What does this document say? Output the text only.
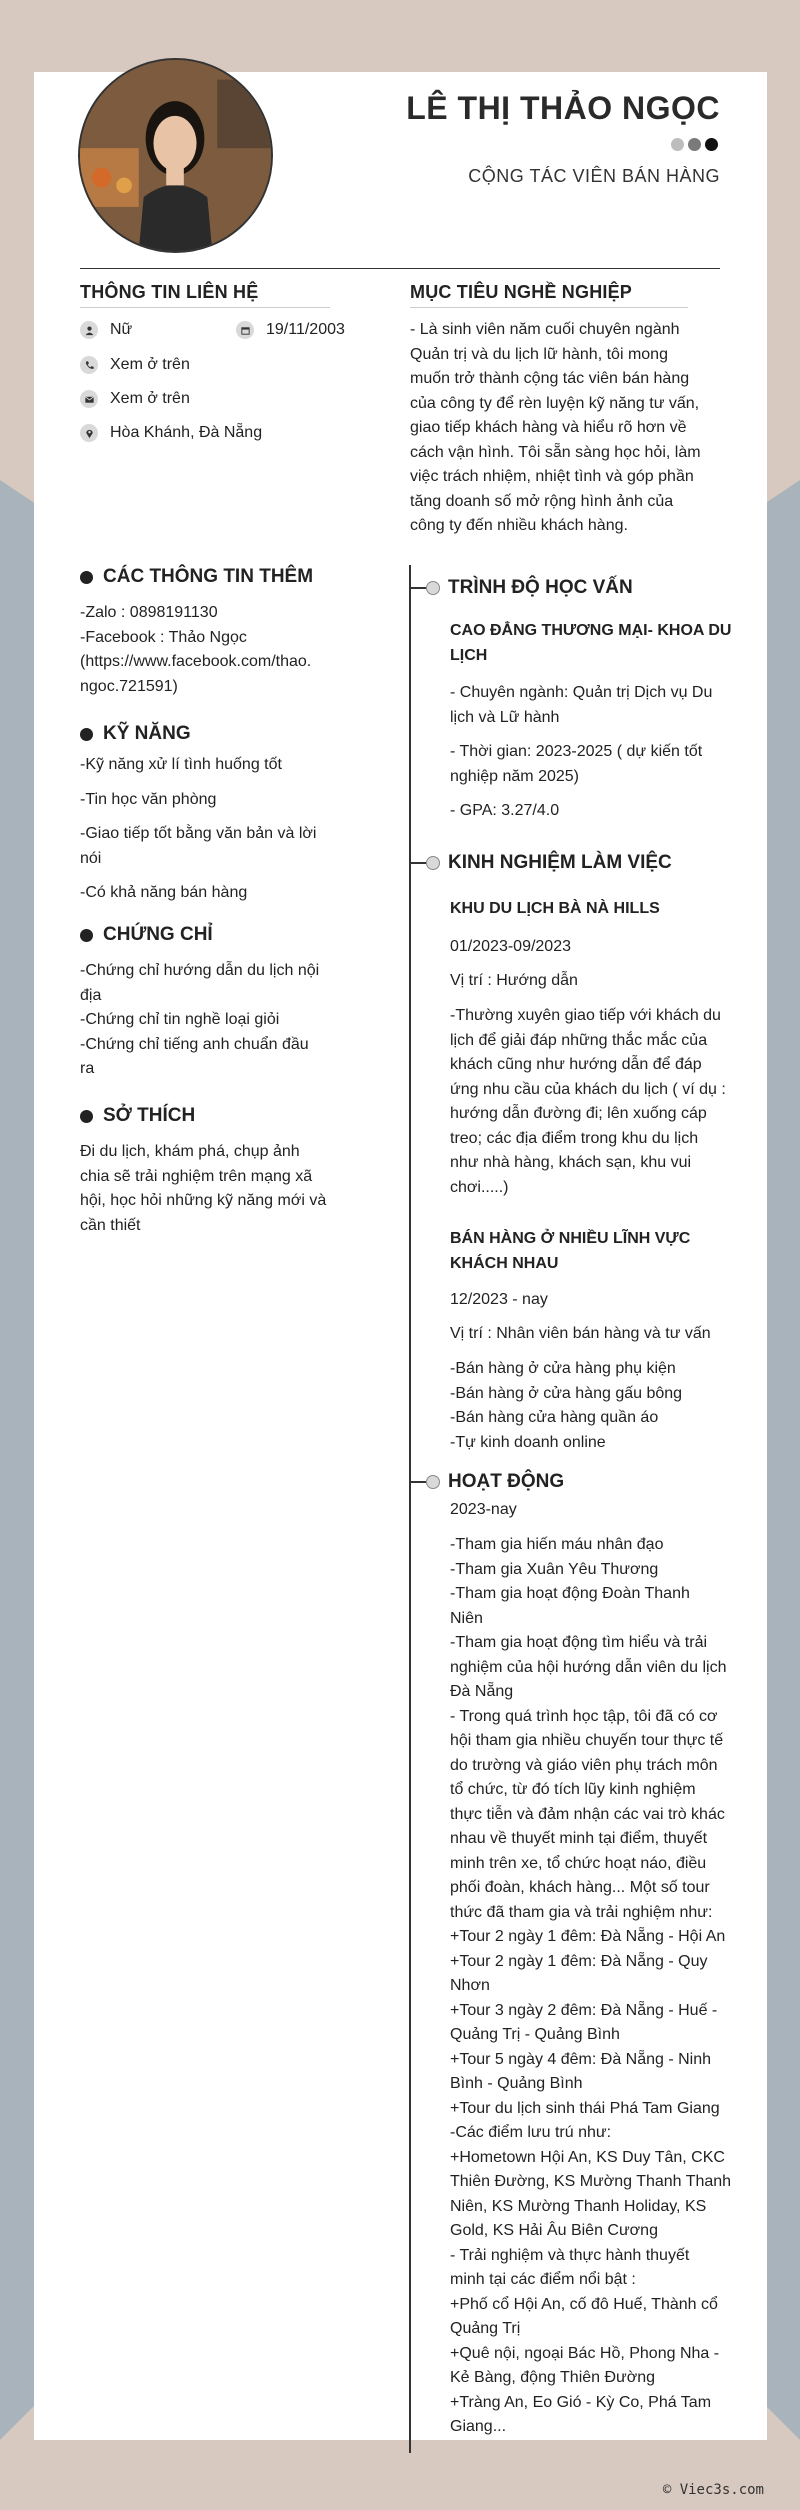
LÊ THỊ THẢO NGỌC
CỘNG TÁC VIÊN BÁN HÀNG
THÔNG TIN LIÊN HỆ
Nữ	19/11/2003
Xem ở trên
Xem ở trên
Hòa Khánh, Đà Nẵng
MỤC TIÊU NGHỀ NGHIỆP
- Là sinh viên năm cuối chuyên ngành
Quản trị và du lịch lữ hành, tôi mong
muốn trở thành cộng tác viên bán hàng
của công ty để rèn luyện kỹ năng tư vấn,
giao tiếp khách hàng và hiểu rõ hơn về
cách vận hình. Tôi sẵn sàng học hỏi, làm
việc trách nhiệm, nhiệt tình và góp phần
tăng doanh số mở rộng hình ảnh của
công ty đến nhiều khách hàng.
CÁC THÔNG TIN THÊM
-Zalo : 0898191130
-Facebook : Thảo Ngọc
(https://www.facebook.com/thao.
ngoc.721591)
KỸ NĂNG
-Kỹ năng xử lí tình huống tốt
-Tin học văn phòng
-Giao tiếp tốt bằng văn bản và lời
nói
-Có khả năng bán hàng
CHỨNG CHỈ
-Chứng chỉ hướng dẫn du lịch nội
địa
-Chứng chỉ tin nghề loại giỏi
-Chứng chỉ tiếng anh chuẩn đầu
ra
SỞ THÍCH
Đi du lịch, khám phá, chụp ảnh
chia sẽ trải nghiệm trên mạng xã
hội, học hỏi những kỹ năng mới và
cần thiết
TRÌNH ĐỘ HỌC VẤN
CAO ĐẲNG THƯƠNG MẠI- KHOA DU
LỊCH
- Chuyên ngành: Quản trị Dịch vụ Du
lịch và Lữ hành
- Thời gian: 2023-2025 ( dự kiến tốt
nghiệp năm 2025)
- GPA: 3.27/4.0
KINH NGHIỆM LÀM VIỆC
KHU DU LỊCH BÀ NÀ HILLS
01/2023-09/2023
Vị trí : Hướng dẫn
-Thường xuyên giao tiếp với khách du
lịch để giải đáp những thắc mắc của
khách cũng như hướng dẫn để đáp
ứng nhu cầu của khách du lịch ( ví dụ :
hướng dẫn đường đi; lên xuống cáp
treo; các địa điểm trong khu du lịch
như nhà hàng, khách sạn, khu vui
chơi.....)
BÁN HÀNG Ở NHIỀU LĨNH VỰC
KHÁCH NHAU
12/2023 - nay
Vị trí : Nhân viên bán hàng và tư vấn
-Bán hàng ở cửa hàng phụ kiện
-Bán hàng ở cửa hàng gấu bông
-Bán hàng cửa hàng quần áo
-Tự kinh doanh online
HOẠT ĐỘNG
2023-nay
-Tham gia hiến máu nhân đạo
-Tham gia Xuân Yêu Thương
-Tham gia hoạt động Đoàn Thanh
Niên
-Tham gia hoạt động tìm hiểu và trải
nghiệm của hội hướng dẫn viên du lịch
Đà Nẵng
- Trong quá trình học tập, tôi đã có cơ
hội tham gia nhiều chuyến tour thực tế
do trường và giáo viên phụ trách môn
tổ chức, từ đó tích lũy kinh nghiệm
thực tiễn và đảm nhận các vai trò khác
nhau về thuyết minh tại điểm, thuyết
minh trên xe, tổ chức hoạt náo, điều
phối đoàn, khách hàng... Một số tour
thức đã tham gia và trải nghiệm như:
+Tour 2 ngày 1 đêm: Đà Nẵng - Hội An
+Tour 2 ngày 1 đêm: Đà Nẵng - Quy
Nhơn
+Tour 3 ngày 2 đêm: Đà Nẵng - Huế -
Quảng Trị - Quảng Bình
+Tour 5 ngày 4 đêm: Đà Nẵng - Ninh
Bình - Quảng Bình
+Tour du lịch sinh thái Phá Tam Giang
-Các điểm lưu trú như:
+Hometown Hội An, KS Duy Tân, CKC
Thiên Đường, KS Mường Thanh Thanh
Niên, KS Mường Thanh Holiday, KS
Gold, KS Hải Âu Biên Cương
- Trải nghiệm và thực hành thuyết
minh tại các điểm nổi bật :
+Phố cổ Hội An, cố đô Huế, Thành cổ
Quảng Trị
+Quê nội, ngoại Bác Hồ, Phong Nha -
Kẻ Bàng, động Thiên Đường
+Tràng An, Eo Gió - Kỳ Co, Phá Tam
Giang...
© Viec3s.com
